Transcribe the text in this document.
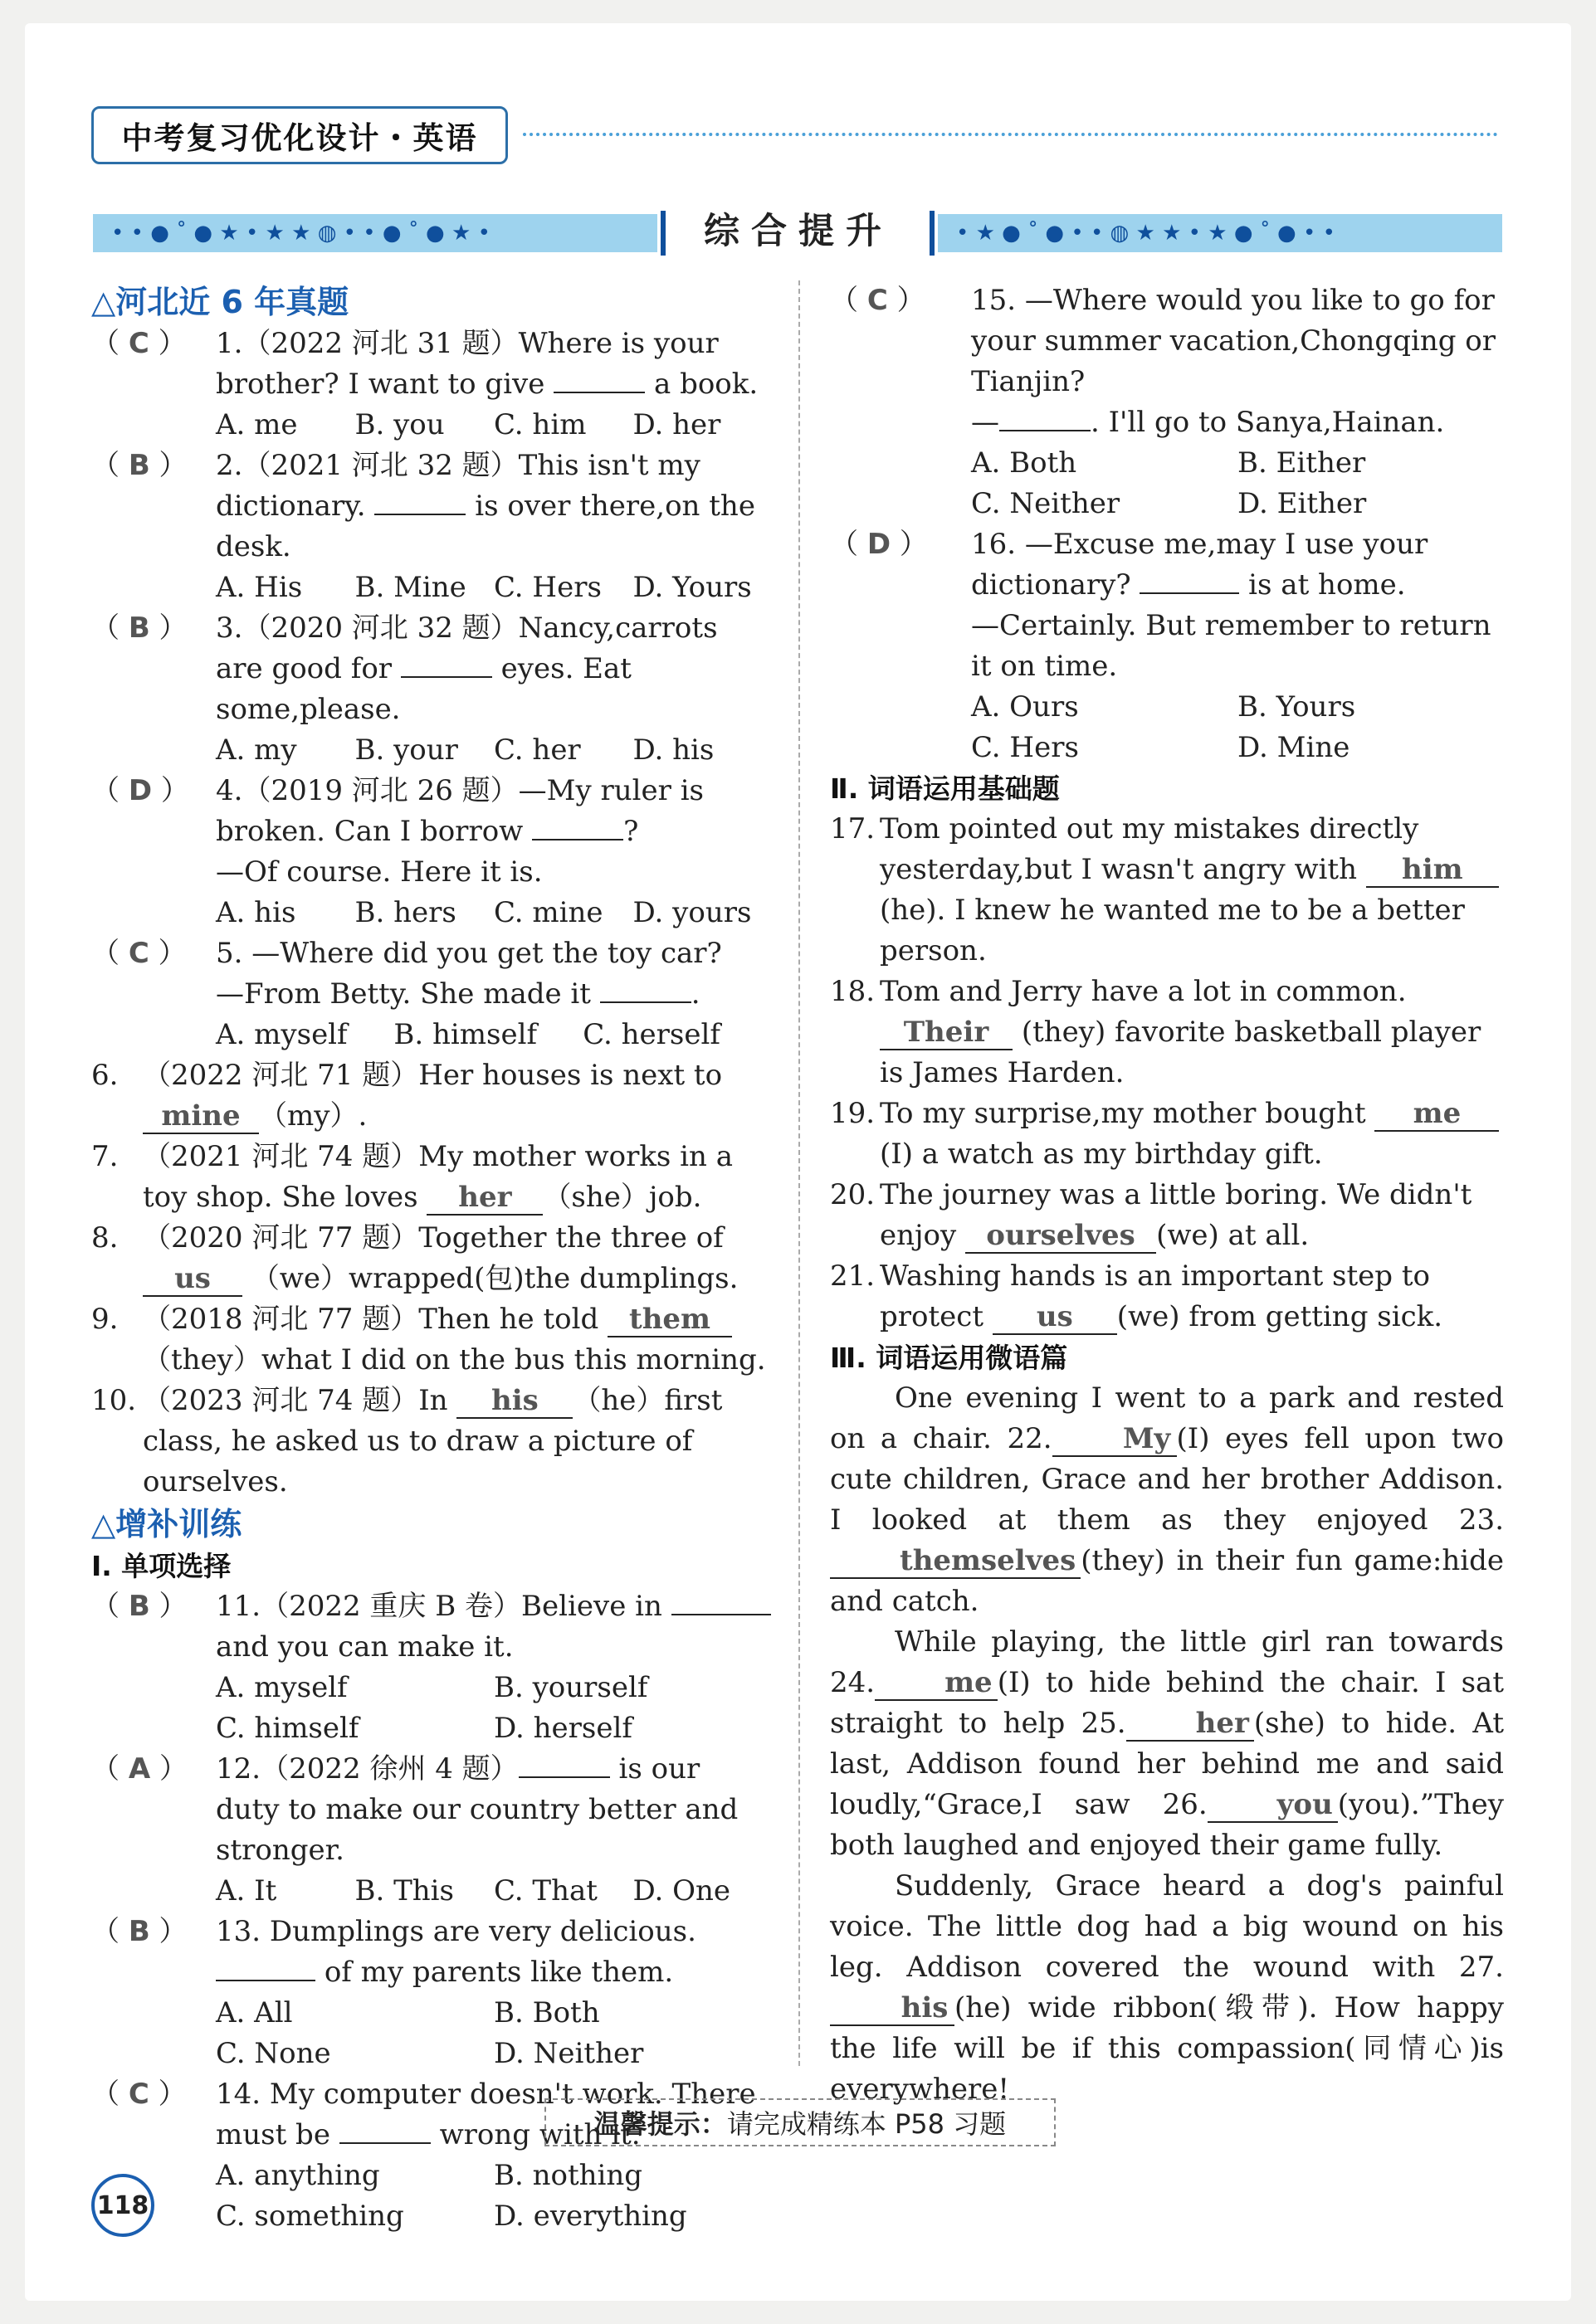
中考复习优化设计・英语
• • ● ˚ ● ★ • ★ ★ ◍ • • ● ˚ ● ★ •	综合提升	• ★ ● ˚ ● • • ◍ ★ ★ • ★ ● ˚ ● • •
△河北近 6 年真题
（ C ）	1.（2022 河北 31 题）Where is your brother? I want to give	a book.
A. me	B. you	C. him	D. her
（ B ）	2.（2021 河北 32 题）This isn't my dictionary.	is over there,on the desk.
A. His	B. Mine C. Hers	D. Yours
（ B ）	3.（2020 河北 32 题）Nancy,carrots are good for	eyes. Eat some,please.
A. my	B. your	C. her	D. his
（ D ） 4.（2019 河北 26 题）—My ruler is broken. Can I borrow	?
—Of course. Here it is.
A. his	B. hers	C. mine	D. yours
（ C ）	5. —Where did you get the toy car?
—From Betty. She made it	.
A. myself	B. himself	C. herself
6. （2022 河北 71 题）Her houses is next to
mine （my）.
7. （2021 河北 74 题）My mother works in a toy shop. She loves her （she）job.
8. （2020 河北 77 题）Together the three of us （we）wrapped(包)the dumplings.
9. （2018 河北 77 题）Then he told them （they）what I did on the bus this morning.
10. （2023 河北 74 题）In his （he）first class, he asked us to draw a picture of ourselves.
△增补训练
Ⅰ. 单项选择
（ B ）	11.（2022 重庆 B 卷）Believe in  and you can make it.
A. myself	B. yourself
C. himself	D. herself
（ A ）	12.（2022 徐州 4 题）	is our duty to make our country better and stronger.
A. It	B. This	C. That	D. One
（ B ）	13. Dumplings are very delicious.  of my parents like them.
A. All	B. Both
C. None	D. Neither
（ C ）	14. My computer doesn't work. There must be	wrong with it.
A. anything	B. nothing
C. something	D. everything
（ C ）	15. —Where would you like to go for your summer vacation,Chongqing or Tianjin?
—	. I'll go to Sanya,Hainan.
A. Both	B. Either
C. Neither	D. Either
（ D ）	16. —Excuse me,may I use your dictionary?	is at home.
—Certainly. But remember to return it on time.
A. Ours	B. Yours
C. Hers	D. Mine
Ⅱ. 词语运用基础题
17. Tom pointed out my mistakes directly yesterday,but I wasn't angry with him (he). I knew he wanted me to be a better person.
18. Tom and Jerry have a lot in common.
Their (they) favorite basketball player is James Harden.
19. To my surprise,my mother bought me (I) a watch as my birthday gift.
20. The journey was a little boring. We didn't enjoy ourselves (we) at all.
21. Washing hands is an important step to protect us (we) from getting sick.
Ⅲ. 词语运用微语篇
One evening I went to a park and rested on a chair. 22.	My (I) eyes fell upon two cute children, Grace and her brother Addison. I looked at them as they enjoyed 23.themselves (they) in their fun game:hide and catch.
While playing, the little girl ran towards 24. me (I) to hide behind the chair. I sat straight to help 25. her (she) to hide. At last, Addison found her behind me and said loudly,“Grace,I saw 26. you (you).”They both laughed and enjoyed their game fully.
Suddenly, Grace heard a dog's painful voice. The little dog had a big wound on his leg. Addison covered the wound with 27.his (he) wide ribbon(缎带). How happy the life will be if this compassion(同情心)is everywhere!
温馨提示： 请完成精练本 P58 习题
118
